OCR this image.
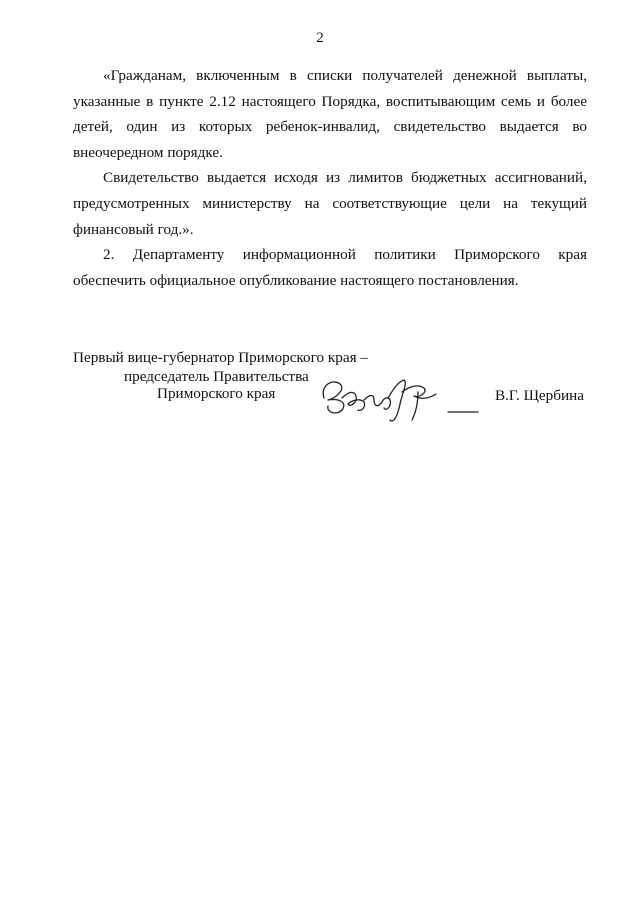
2

«Гражданам, включенным в списки получателей денежной выплаты, указанные в пункте 2.12 настоящего Порядка, воспитывающим семь и более детей, один из которых ребенок-инвалид, свидетельство выдается во внеочередном порядке.

Свидетельство выдается исходя из лимитов бюджетных ассигнований, предусмотренных министерству на соответствующие цели на текущий финансовый год.».

2. Департаменту информационной политики Приморского края обеспечить официальное опубликование настоящего постановления.

Первый вице-губернатор Приморского края –
председатель Правительства
Приморского края	В.Г. Щербина
